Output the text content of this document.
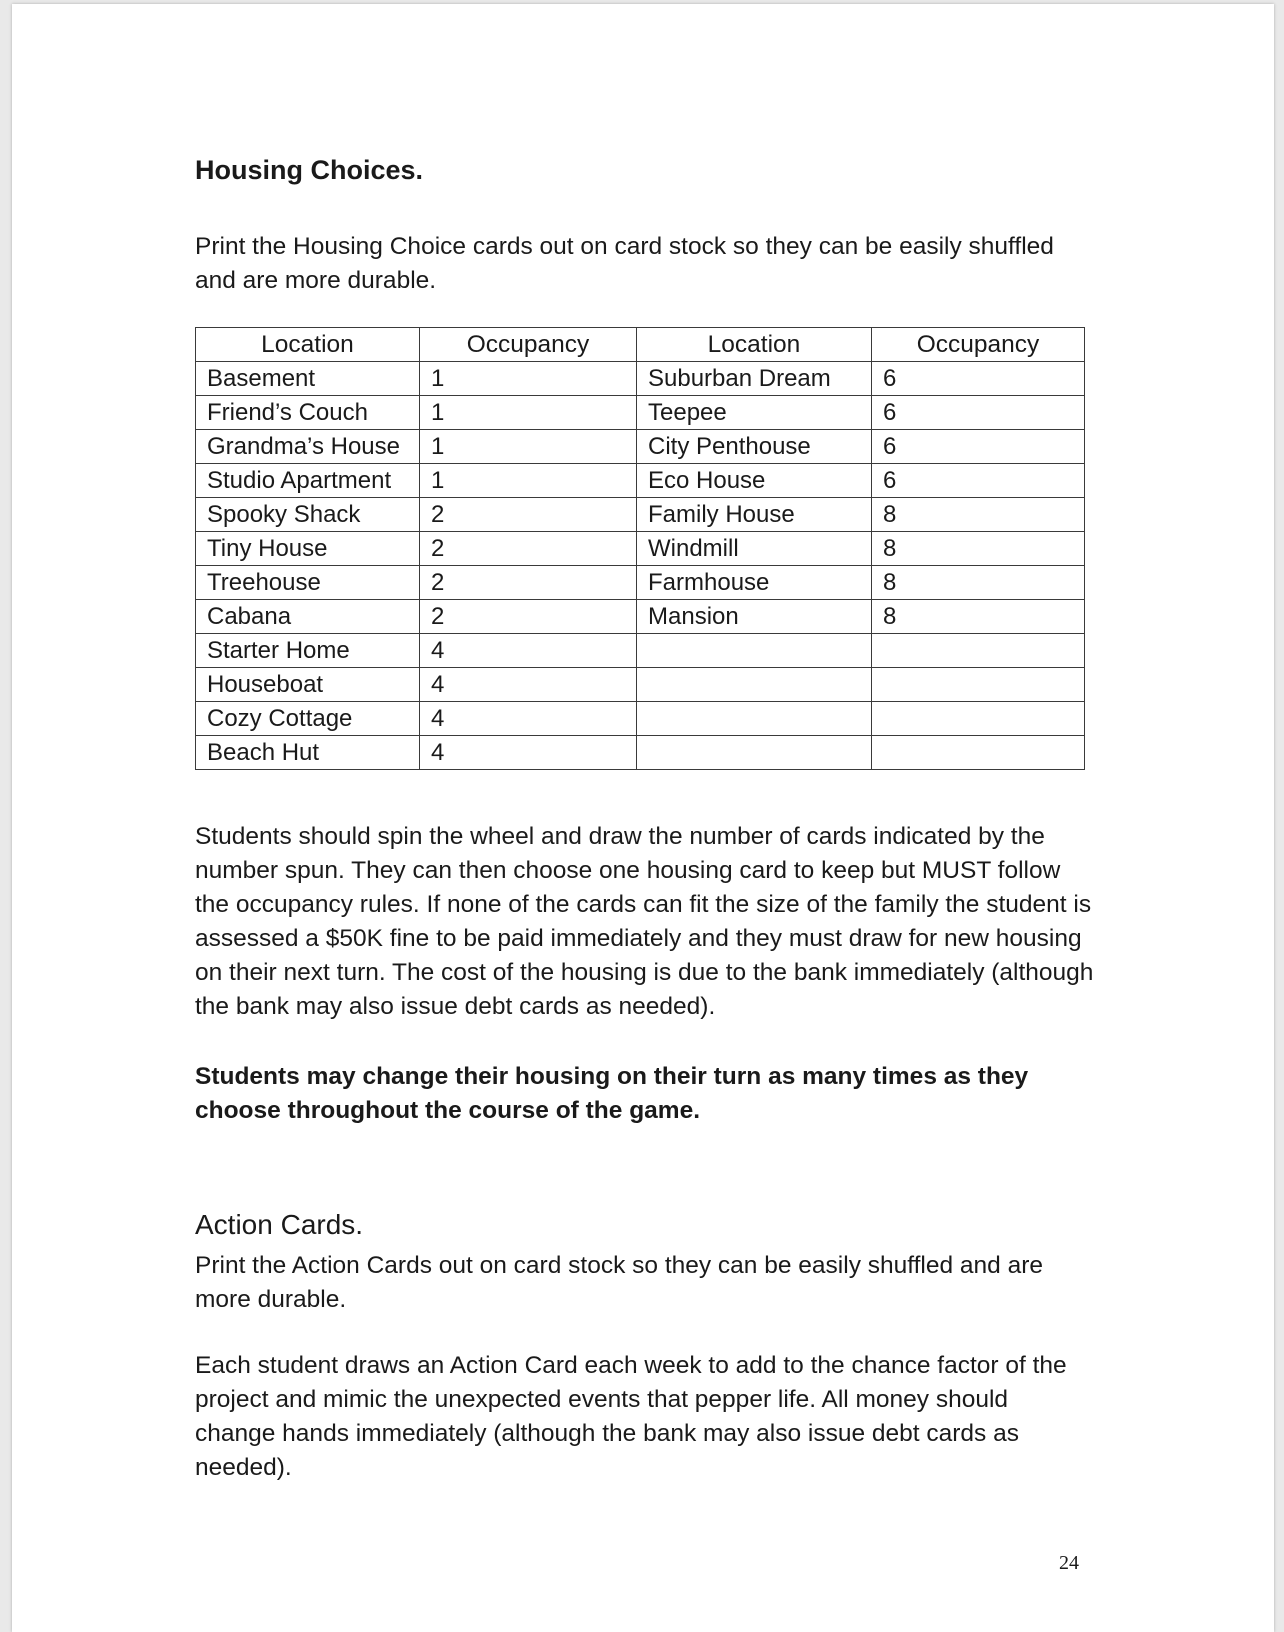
Housing Choices.

Print the Housing Choice cards out on card stock so they can be easily shuffled and are more durable.

Location	Occupancy	Location	Occupancy
Basement	1	Suburban Dream	6
Friend’s Couch	1	Teepee	6
Grandma’s House	1	City Penthouse	6
Studio Apartment	1	Eco House	6
Spooky Shack	2	Family House	8
Tiny House	2	Windmill	8
Treehouse	2	Farmhouse	8
Cabana	2	Mansion	8
Starter Home	4		
Houseboat	4		
Cozy Cottage	4		
Beach Hut	4		

Students should spin the wheel and draw the number of cards indicated by the number spun. They can then choose one housing card to keep but MUST follow the occupancy rules. If none of the cards can fit the size of the family the student is assessed a $50K fine to be paid immediately and they must draw for new housing on their next turn. The cost of the housing is due to the bank immediately (although the bank may also issue debt cards as needed).

Students may change their housing on their turn as many times as they choose throughout the course of the game.

Action Cards.

Print the Action Cards out on card stock so they can be easily shuffled and are more durable.

Each student draws an Action Card each week to add to the chance factor of the project and mimic the unexpected events that pepper life. All money should change hands immediately (although the bank may also issue debt cards as needed).

24
